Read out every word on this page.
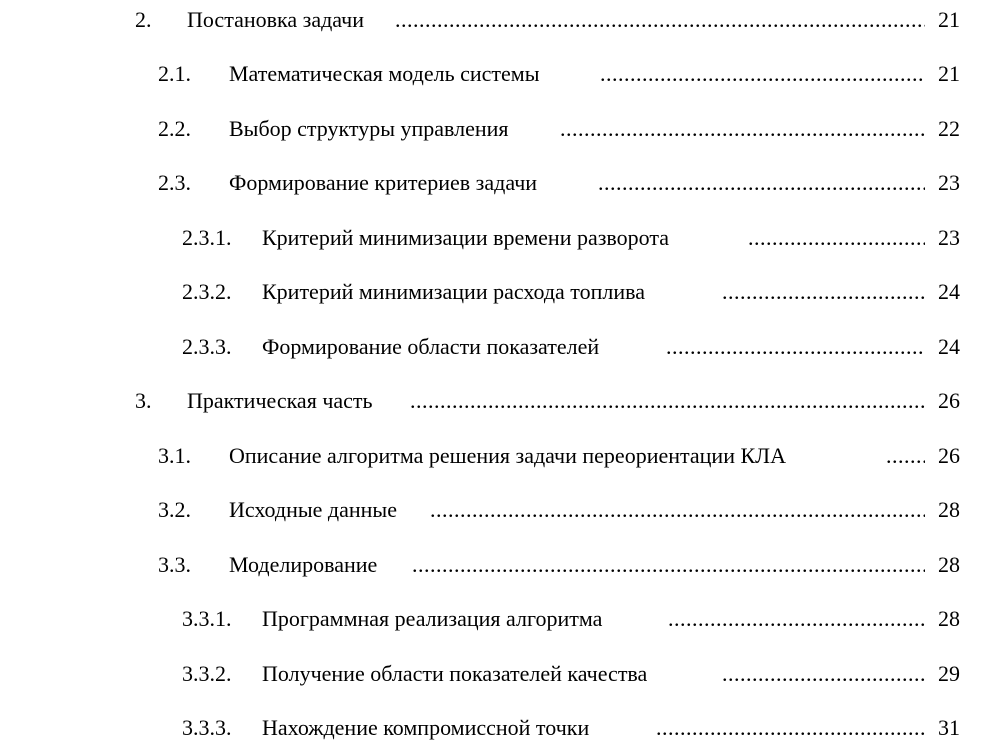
2. ..... Постановка задачи	21
2.1. ..... Математическая модель системы	21
2.2. ..... Выбор структуры управления	22
2.3. ..... Формирование критериев задачи	23
2.3.1. ..... Критерий минимизации времени разворота	23
2.3.2. ..... Критерий минимизации расхода топлива	24
2.3.3. ..... Формирование области показателей	24
3. ..... Практическая часть	26
3.1. ..... Описание алгоритма решения задачи переориентации КЛА	26
3.2. ..... Исходные данные	28
3.3. ..... Моделирование	28
3.3.1. ..... Программная реализация алгоритма	28
3.3.2. ..... Получение области показателей качества	29
3.3.3. ..... Нахождение компромиссной точки	31
